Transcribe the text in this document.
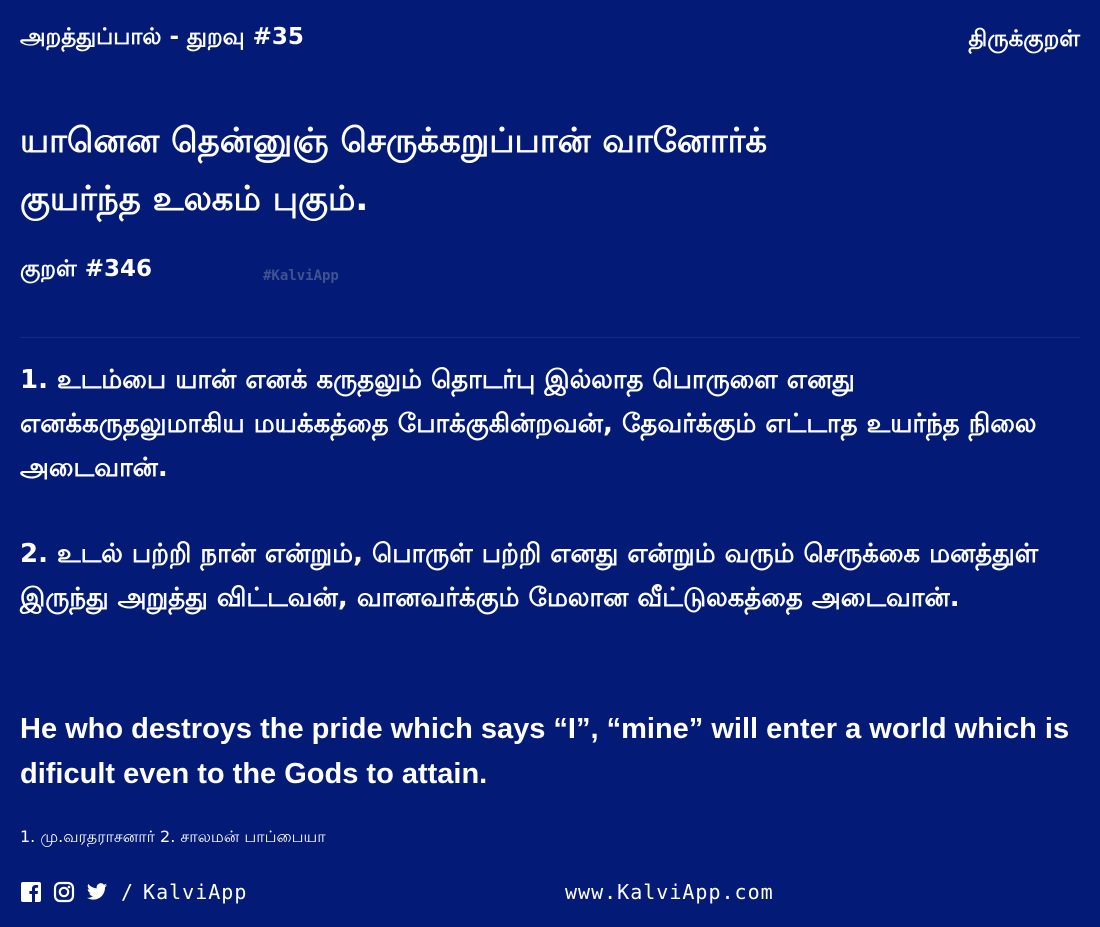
அறத்துப்பால் - துறவு #35	திருக்குறள்
யானென தென்னுஞ் செருக்கறுப்பான் வானோர்க்
குயர்ந்த உலகம் புகும்.
குறள் #346	#KalviApp
1. உடம்பை யான் எனக் கருதலும் தொடர்பு இல்லாத பொருளை எனது எனக்கருதலுமாகிய மயக்கத்தை போக்குகின்றவன், தேவர்க்கும் எட்டாத உயர்ந்த நிலை அடைவான்.
2. உடல் பற்றி நான் என்றும், பொருள் பற்றி எனது என்றும் வரும் செருக்கை மனத்துள் இருந்து அறுத்து விட்டவன், வானவர்க்கும் மேலான வீட்டுலகத்தை அடைவான்.
He who destroys the pride which says “I”, “mine” will enter a world which is dificult even to the Gods to attain.
1. மு.வரதராசனார் 2. சாலமன் பாப்பையா
/ KalviApp	www.KalviApp.com
